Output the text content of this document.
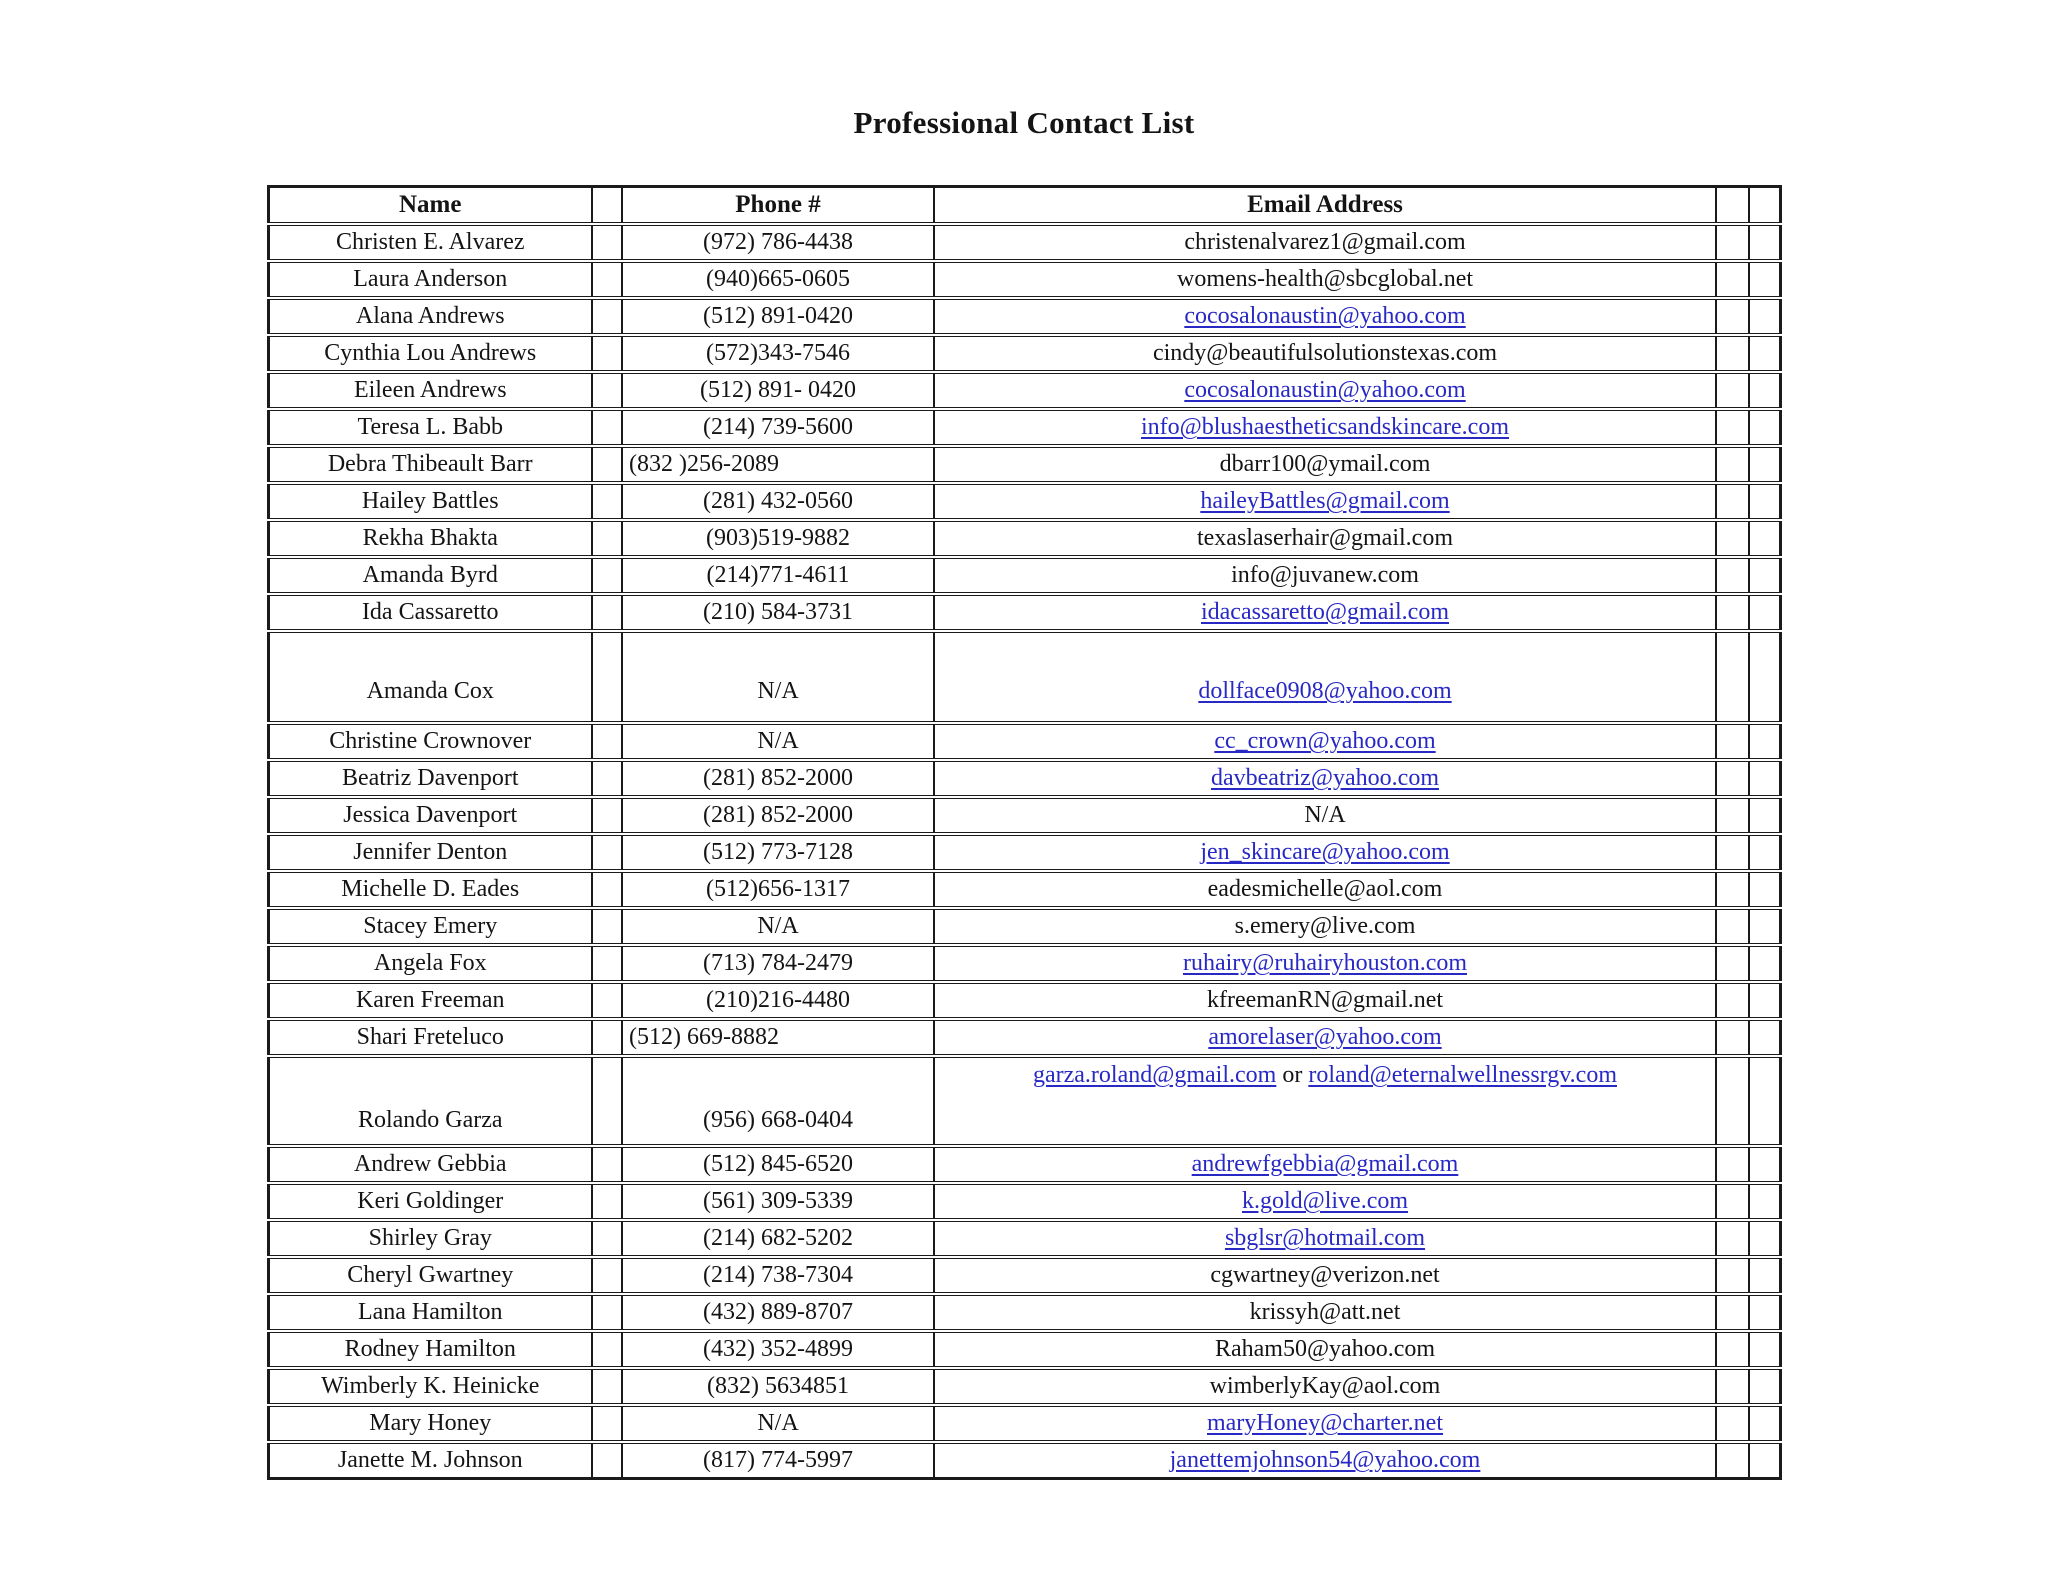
Professional Contact List
Name		Phone #	Email Address		
Christen E. Alvarez		(972) 786-4438	christenalvarez1@gmail.com		
Laura Anderson		(940)665-0605	womens-health@sbcglobal.net		
Alana Andrews		(512) 891-0420	cocosalonaustin@yahoo.com		
Cynthia Lou Andrews		(572)343-7546	cindy@beautifulsolutionstexas.com		
Eileen Andrews		(512) 891- 0420	cocosalonaustin@yahoo.com		
Teresa L. Babb		(214) 739-5600	info@blushaestheticsandskincare.com		
Debra Thibeault Barr		(832 )256-2089	dbarr100@ymail.com		
Hailey Battles		(281) 432-0560	haileyBattles@gmail.com		
Rekha Bhakta		(903)519-9882	texaslaserhair@gmail.com		
Amanda Byrd		(214)771-4611	info@juvanew.com		
Ida Cassaretto		(210) 584-3731	idacassaretto@gmail.com		
Amanda Cox		N/A	dollface0908@yahoo.com		
Christine Crownover		N/A	cc_crown@yahoo.com		
Beatriz Davenport		(281) 852-2000	davbeatriz@yahoo.com		
Jessica Davenport		(281) 852-2000	N/A		
Jennifer Denton		(512) 773-7128	jen_skincare@yahoo.com		
Michelle D. Eades		(512)656-1317	eadesmichelle@aol.com		
Stacey Emery		N/A	s.emery@live.com		
Angela Fox		(713) 784-2479	ruhairy@ruhairyhouston.com		
Karen Freeman		(210)216-4480	kfreemanRN@gmail.net		
Shari Freteluco		(512) 669-8882	amorelaser@yahoo.com		
Rolando Garza		(956) 668-0404	garza.roland@gmail.com or roland@eternalwellnessrgv.com		
Andrew Gebbia		(512) 845-6520	andrewfgebbia@gmail.com		
Keri Goldinger		(561) 309-5339	k.gold@live.com		
Shirley Gray		(214) 682-5202	sbglsr@hotmail.com		
Cheryl Gwartney		(214) 738-7304	cgwartney@verizon.net		
Lana Hamilton		(432) 889-8707	krissyh@att.net		
Rodney Hamilton		(432) 352-4899	Raham50@yahoo.com		
Wimberly K. Heinicke		(832) 5634851	wimberlyKay@aol.com		
Mary Honey		N/A	maryHoney@charter.net		
Janette M. Johnson		(817) 774-5997	janettemjohnson54@yahoo.com		
